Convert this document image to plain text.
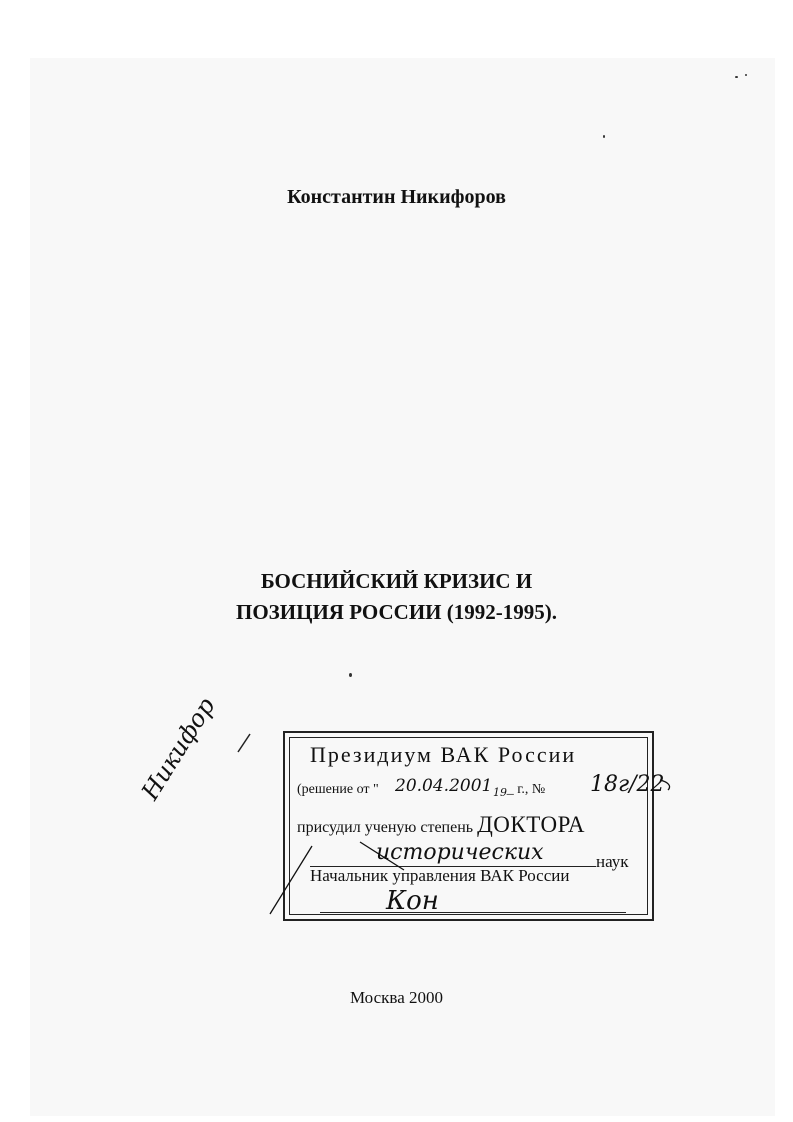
Константин Никифоров
БОСНИЙСКИЙ КРИЗИС И
ПОЗИЦИЯ РОССИИ (1992-1995).
Никифор	Президиум ВАК России
(решение от "	_ г., №
20.04.2001 19	18г/22
присудил ученую степень ДОКТОРА
исторических	наук
Начальник управления ВАК России
Кон
Москва 2000
